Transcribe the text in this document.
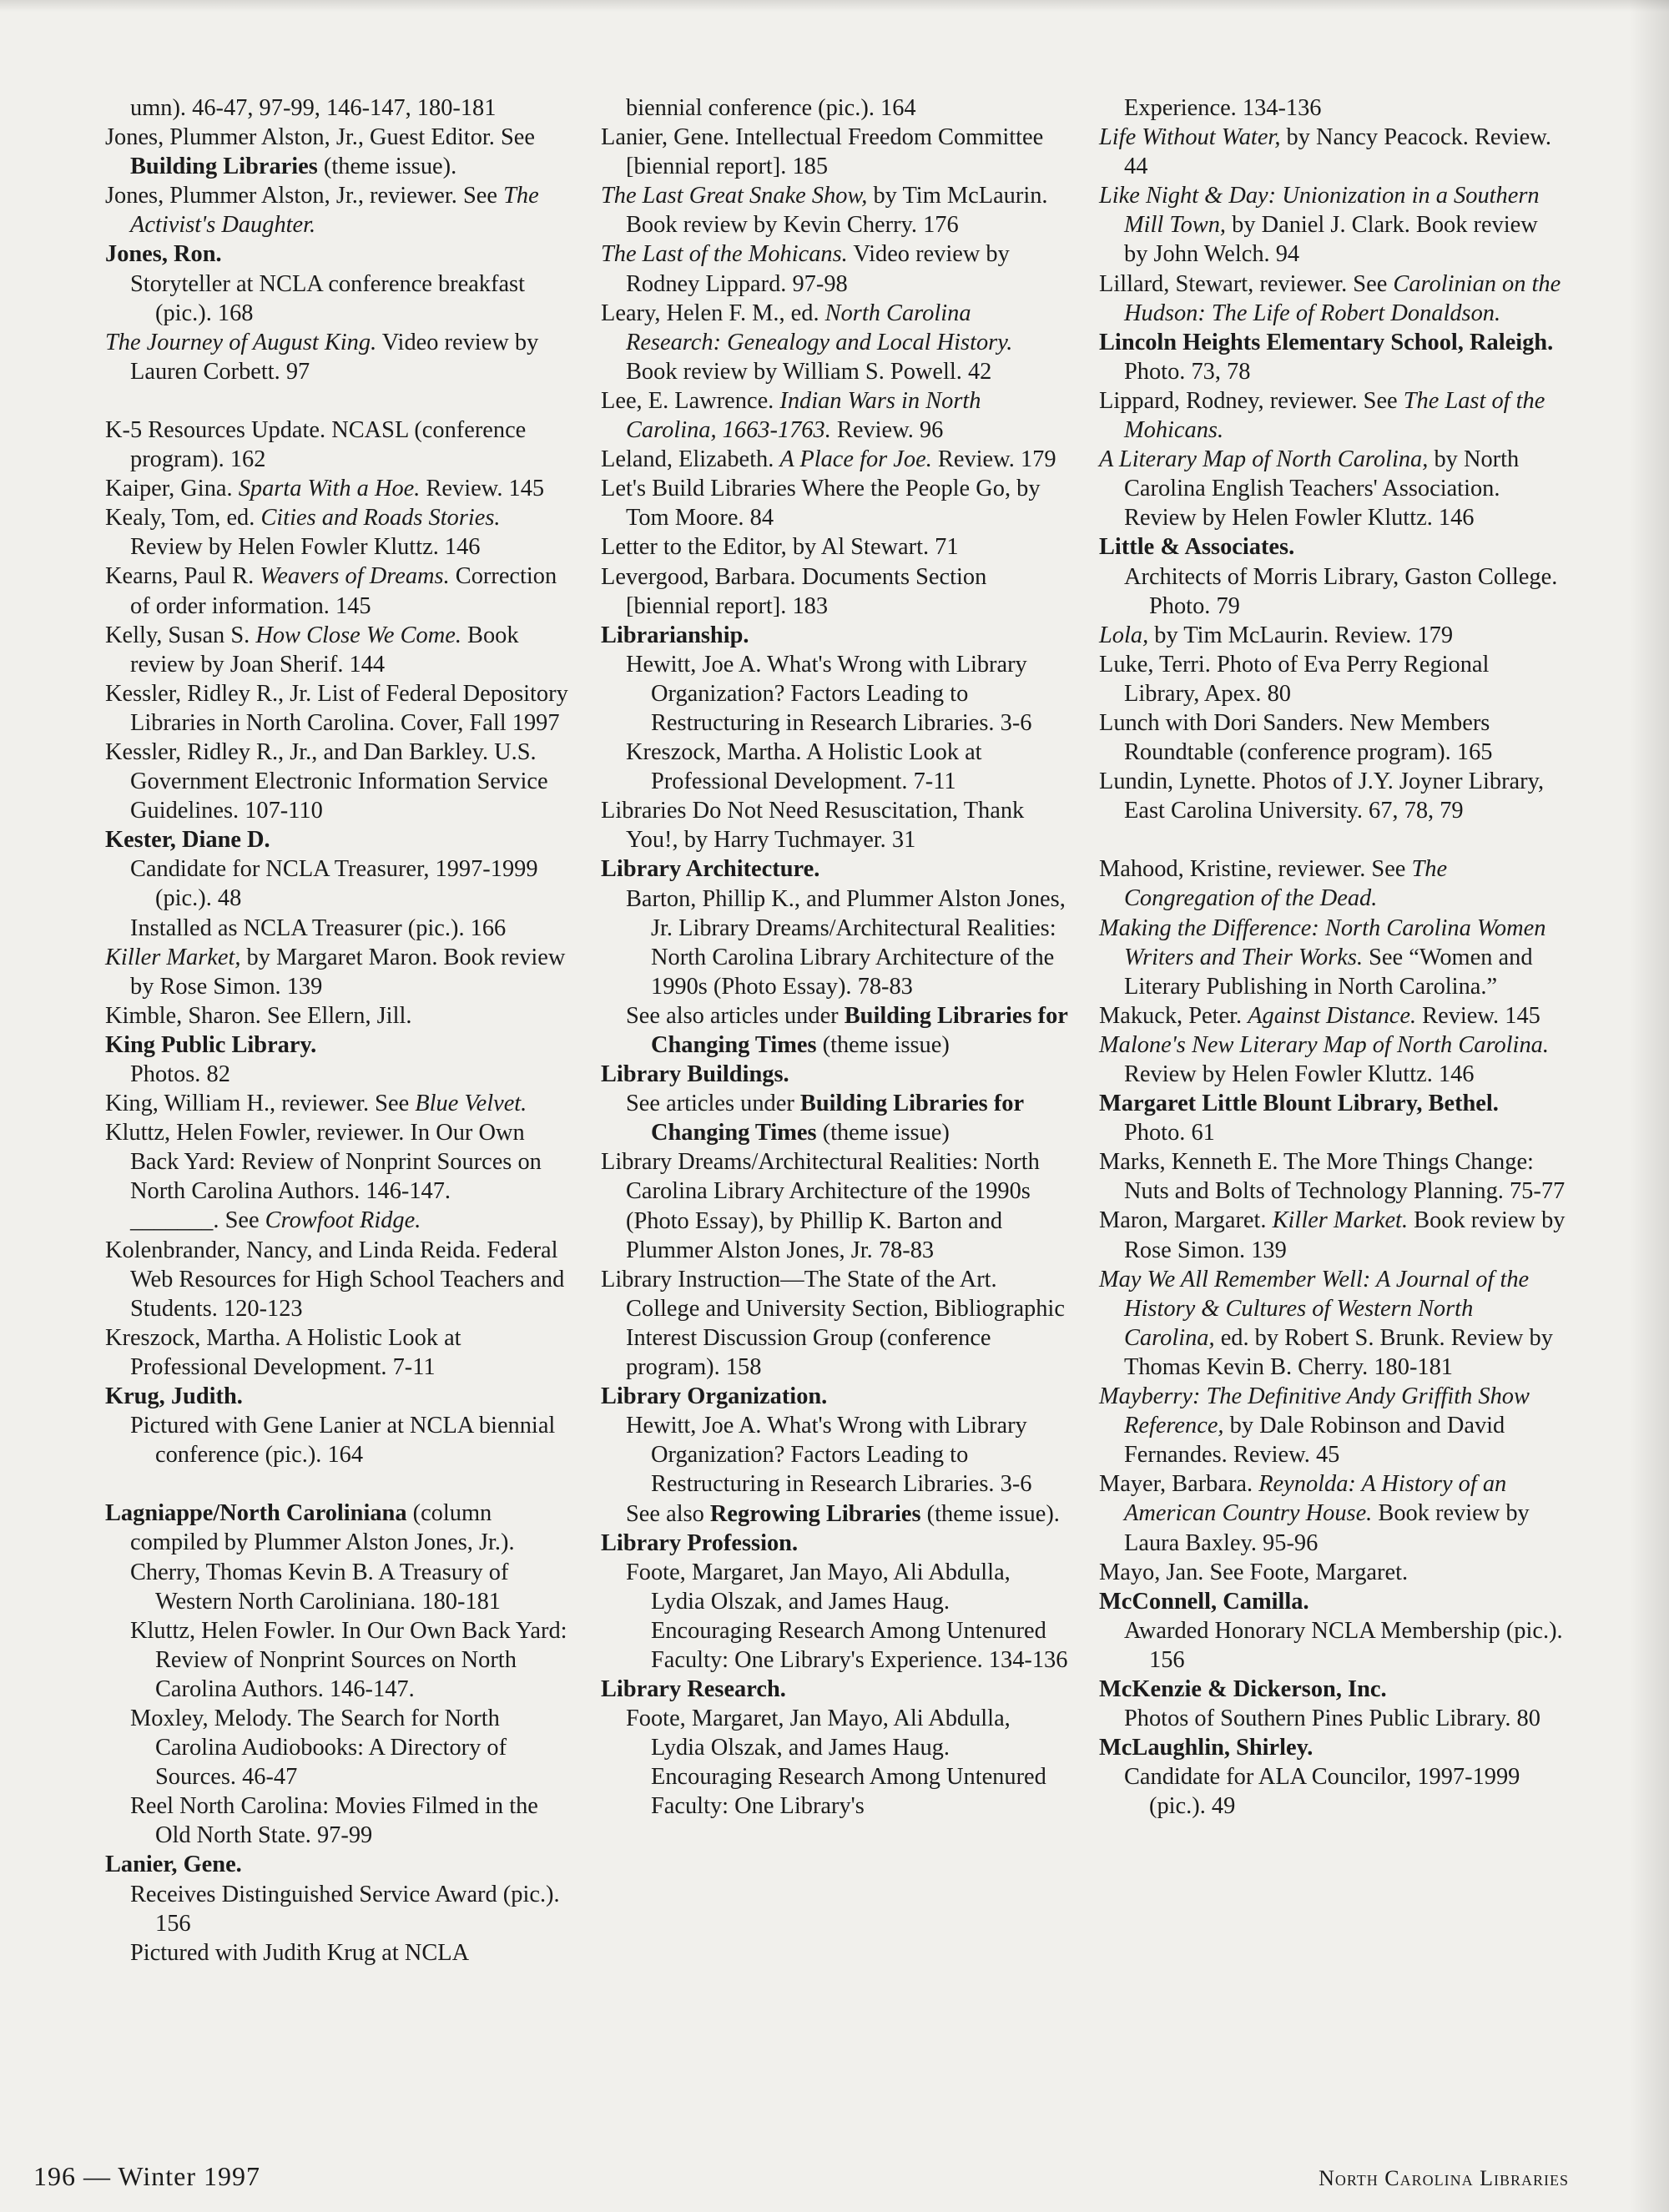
umn). 46-47, 97-99, 146-147, 180-181
Jones, Plummer Alston, Jr., Guest Editor. See Building Libraries (theme issue).
Jones, Plummer Alston, Jr., reviewer. See The Activist's Daughter.
Jones, Ron.
Storyteller at NCLA conference breakfast (pic.). 168
The Journey of August King. Video review by Lauren Corbett. 97
K-5 Resources Update. NCASL (conference program). 162
Kaiper, Gina. Sparta With a Hoe. Review. 145
Kealy, Tom, ed. Cities and Roads Stories. Review by Helen Fowler Kluttz. 146
Kearns, Paul R. Weavers of Dreams. Correction of order information. 145
Kelly, Susan S. How Close We Come. Book review by Joan Sherif. 144
Kessler, Ridley R., Jr. List of Federal Depository Libraries in North Carolina. Cover, Fall 1997
Kessler, Ridley R., Jr., and Dan Barkley. U.S. Government Electronic Information Service Guidelines. 107-110
Kester, Diane D.
Candidate for NCLA Treasurer, 1997-1999 (pic.). 48
Installed as NCLA Treasurer (pic.). 166
Killer Market, by Margaret Maron. Book review by Rose Simon. 139
Kimble, Sharon. See Ellern, Jill.
King Public Library.
Photos. 82
King, William H., reviewer. See Blue Velvet.
Kluttz, Helen Fowler, reviewer. In Our Own Back Yard: Review of Nonprint Sources on North Carolina Authors. 146-147.
_______. See Crowfoot Ridge.
Kolenbrander, Nancy, and Linda Reida. Federal Web Resources for High School Teachers and Students. 120-123
Kreszock, Martha. A Holistic Look at Professional Development. 7-11
Krug, Judith.
Pictured with Gene Lanier at NCLA biennial conference (pic.). 164
Lagniappe/North Caroliniana (column compiled by Plummer Alston Jones, Jr.).
Cherry, Thomas Kevin B. A Treasury of Western North Caroliniana. 180-181
Kluttz, Helen Fowler. In Our Own Back Yard: Review of Nonprint Sources on North Carolina Authors. 146-147.
Moxley, Melody. The Search for North Carolina Audiobooks: A Directory of Sources. 46-47
Reel North Carolina: Movies Filmed in the Old North State. 97-99
Lanier, Gene.
Receives Distinguished Service Award (pic.). 156
Pictured with Judith Krug at NCLA
biennial conference (pic.). 164
Lanier, Gene. Intellectual Freedom Committee [biennial report]. 185
The Last Great Snake Show, by Tim McLaurin. Book review by Kevin Cherry. 176
The Last of the Mohicans. Video review by Rodney Lippard. 97-98
Leary, Helen F. M., ed. North Carolina Research: Genealogy and Local History. Book review by William S. Powell. 42
Lee, E. Lawrence. Indian Wars in North Carolina, 1663-1763. Review. 96
Leland, Elizabeth. A Place for Joe. Review. 179
Let's Build Libraries Where the People Go, by Tom Moore. 84
Letter to the Editor, by Al Stewart. 71
Levergood, Barbara. Documents Section [biennial report]. 183
Librarianship.
Hewitt, Joe A. What's Wrong with Library Organization? Factors Leading to Restructuring in Research Libraries. 3-6
Kreszock, Martha. A Holistic Look at Professional Development. 7-11
Libraries Do Not Need Resuscitation, Thank You!, by Harry Tuchmayer. 31
Library Architecture.
Barton, Phillip K., and Plummer Alston Jones, Jr. Library Dreams/Architectural Realities: North Carolina Library Architecture of the 1990s (Photo Essay). 78-83
See also articles under Building Libraries for Changing Times (theme issue)
Library Buildings.
See articles under Building Libraries for Changing Times (theme issue)
Library Dreams/Architectural Realities: North Carolina Library Architecture of the 1990s (Photo Essay), by Phillip K. Barton and Plummer Alston Jones, Jr. 78-83
Library Instruction—The State of the Art. College and University Section, Bibliographic Interest Discussion Group (conference program). 158
Library Organization.
Hewitt, Joe A. What's Wrong with Library Organization? Factors Leading to Restructuring in Research Libraries. 3-6
See also Regrowing Libraries (theme issue).
Library Profession.
Foote, Margaret, Jan Mayo, Ali Abdulla, Lydia Olszak, and James Haug. Encouraging Research Among Untenured Faculty: One Library's Experience. 134-136
Library Research.
Foote, Margaret, Jan Mayo, Ali Abdulla, Lydia Olszak, and James Haug. Encouraging Research Among Untenured Faculty: One Library's
Experience. 134-136
Life Without Water, by Nancy Peacock. Review. 44
Like Night & Day: Unionization in a Southern Mill Town, by Daniel J. Clark. Book review by John Welch. 94
Lillard, Stewart, reviewer. See Carolinian on the Hudson: The Life of Robert Donaldson.
Lincoln Heights Elementary School, Raleigh.
Photo. 73, 78
Lippard, Rodney, reviewer. See The Last of the Mohicans.
A Literary Map of North Carolina, by North Carolina English Teachers' Association. Review by Helen Fowler Kluttz. 146
Little & Associates.
Architects of Morris Library, Gaston College. Photo. 79
Lola, by Tim McLaurin. Review. 179
Luke, Terri. Photo of Eva Perry Regional Library, Apex. 80
Lunch with Dori Sanders. New Members Roundtable (conference program). 165
Lundin, Lynette. Photos of J.Y. Joyner Library, East Carolina University. 67, 78, 79
Mahood, Kristine, reviewer. See The Congregation of the Dead.
Making the Difference: North Carolina Women Writers and Their Works. See “Women and Literary Publishing in North Carolina.”
Makuck, Peter. Against Distance. Review. 145
Malone's New Literary Map of North Carolina. Review by Helen Fowler Kluttz. 146
Margaret Little Blount Library, Bethel.
Photo. 61
Marks, Kenneth E. The More Things Change: Nuts and Bolts of Technology Planning. 75-77
Maron, Margaret. Killer Market. Book review by Rose Simon. 139
May We All Remember Well: A Journal of the History & Cultures of Western North Carolina, ed. by Robert S. Brunk. Review by Thomas Kevin B. Cherry. 180-181
Mayberry: The Definitive Andy Griffith Show Reference, by Dale Robinson and David Fernandes. Review. 45
Mayer, Barbara. Reynolda: A History of an American Country House. Book review by Laura Baxley. 95-96
Mayo, Jan. See Foote, Margaret.
McConnell, Camilla.
Awarded Honorary NCLA Membership (pic.). 156
McKenzie & Dickerson, Inc.
Photos of Southern Pines Public Library. 80
McLaughlin, Shirley.
Candidate for ALA Councilor, 1997-1999 (pic.). 49
196 — Winter 1997	North Carolina Libraries
